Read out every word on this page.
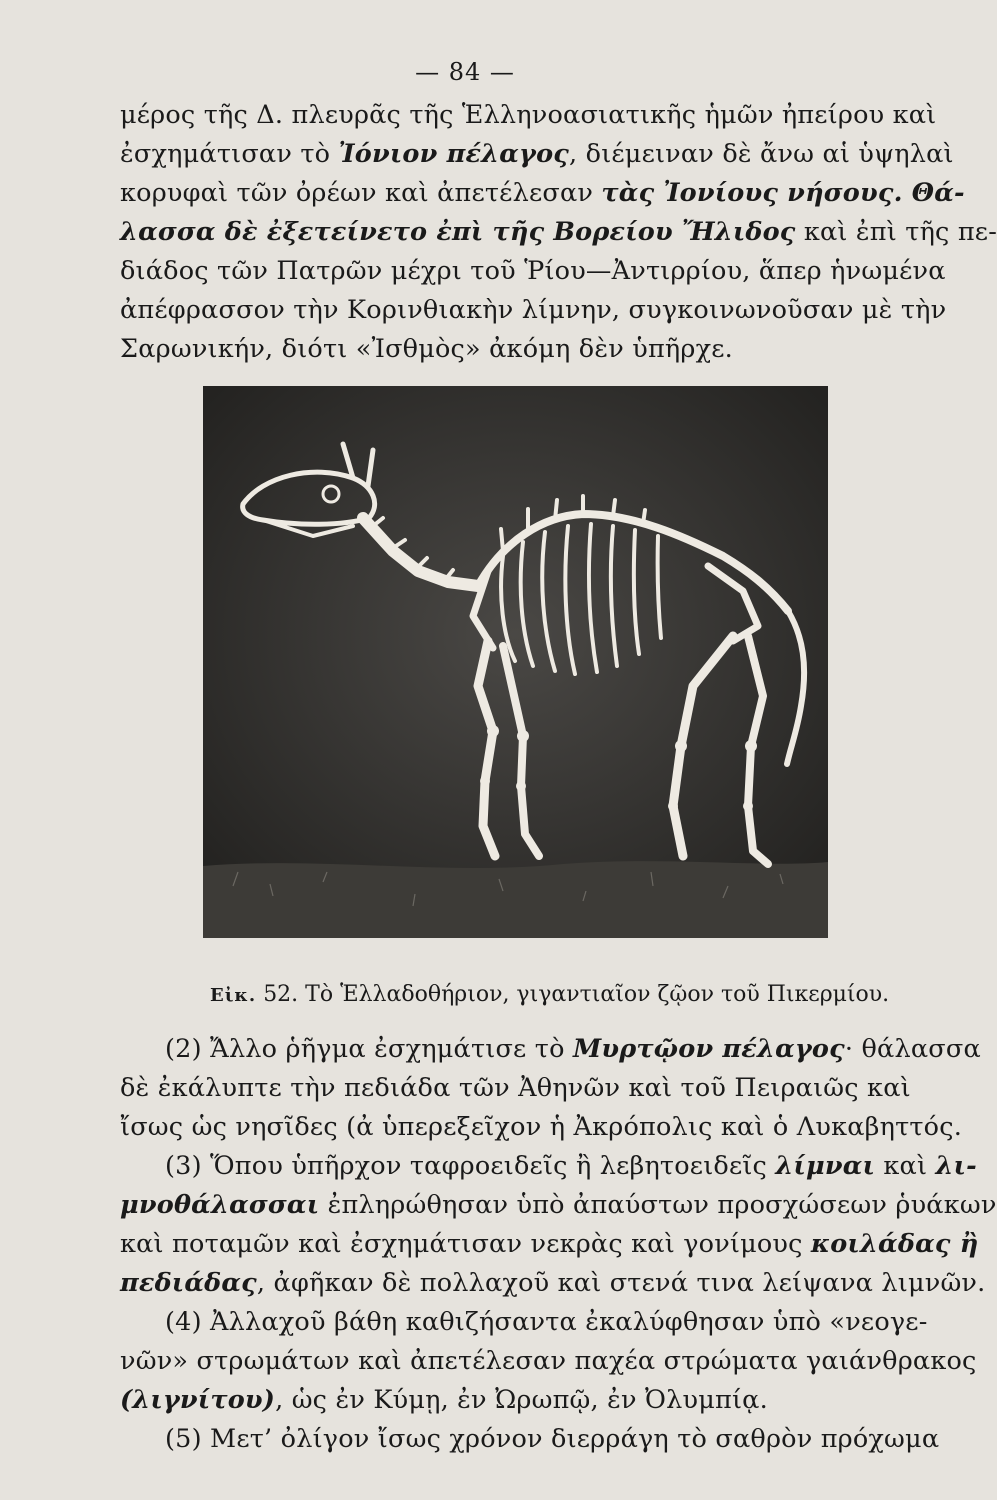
— 84 —
μέρος τῆς Δ. πλευρᾶς τῆς Ἑλληνοασιατικῆς ἡμῶν ἠπείρου καὶ
ἐσχημάτισαν τὸ Ἰόνιον πέλαγος, διέμειναν δὲ ἄνω αἱ ὑψηλαὶ
κορυφαὶ τῶν ὀρέων καὶ ἀπετέλεσαν τὰς Ἰονίους νήσους. Θά-
λασσα δὲ ἐξετείνετο ἐπὶ τῆς Βορείου Ἤλιδος καὶ ἐπὶ τῆς πε-
διάδος τῶν Πατρῶν μέχρι τοῦ Ῥίου—Ἀντιρρίου, ἅπερ ἡνωμένα
ἀπέφρασσον τὴν Κορινθιακὴν λίμνην, συγκοινωνοῦσαν μὲ τὴν
Σαρωνικήν, διότι «Ἰσθμὸς» ἀκόμη δὲν ὑπῆρχε.
Εἰκ. 52. Τὸ Ἑλλαδοθήριον, γιγαντιαῖον ζῷον τοῦ Πικερμίου.
(2) Ἄλλο ῥῆγμα ἐσχημάτισε τὸ Μυρτῷον πέλαγος· θάλασσα
δὲ ἐκάλυπτε τὴν πεδιάδα τῶν Ἀθηνῶν καὶ τοῦ Πειραιῶς καὶ
ἴσως ὡς νησῖδες (ἀ ὑπερεξεῖχον ἡ Ἀκρόπολις καὶ ὁ Λυκαβηττός.
(3) Ὅπου ὑπῆρχον ταφροειδεῖς ἢ λεβητοειδεῖς λίμναι καὶ λι-
μνοθάλασσαι ἐπληρώθησαν ὑπὸ ἀπαύστων προσχώσεων ῥυάκων
καὶ ποταμῶν καὶ ἐσχημάτισαν νεκρὰς καὶ γονίμους κοιλάδας ἢ
πεδιάδας, ἀφῆκαν δὲ πολλαχοῦ καὶ στενά τινα λείψανα λιμνῶν.
(4) Ἀλλαχοῦ βάθη καθιζήσαντα ἐκαλύφθησαν ὑπὸ «νεογε-
νῶν» στρωμάτων καὶ ἀπετέλεσαν παχέα στρώματα γαιάνθρακος
(λιγνίτου), ὡς ἐν Κύμῃ, ἐν Ὠρωπῷ, ἐν Ὀλυμπίᾳ.
(5) Μετ’ ὀλίγον ἴσως χρόνον διερράγη τὸ σαθρὸν πρόχωμα
